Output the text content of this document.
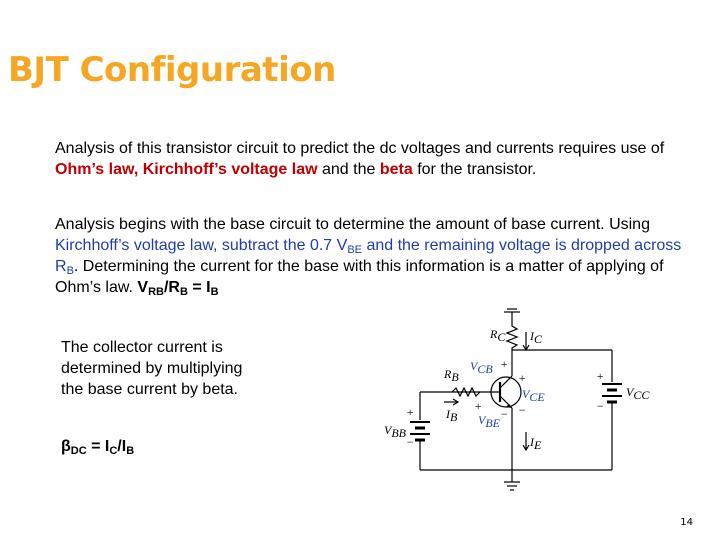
BJT Configuration

Analysis of this transistor circuit to predict the dc voltages and currents requires use of Ohm’s law, Kirchhoff’s voltage law and the beta for the transistor.

Analysis begins with the base circuit to determine the amount of base current. Using Kirchhoff’s voltage law, subtract the 0.7 $V_{BE}$ and the remaining voltage is dropped across $R_B$. Determining the current for the base with this information is a matter of applying of Ohm’s law. $V_{RB}/R_B = I_B$

The collector current is determined by multiplying the base current by beta.

$\beta_{DC} = I_C/I_B$

RC IC
VCB +
RB
VCE
+
−
IB VBE
+
−
IE
VCC
+
−
VBB
+
−
14
